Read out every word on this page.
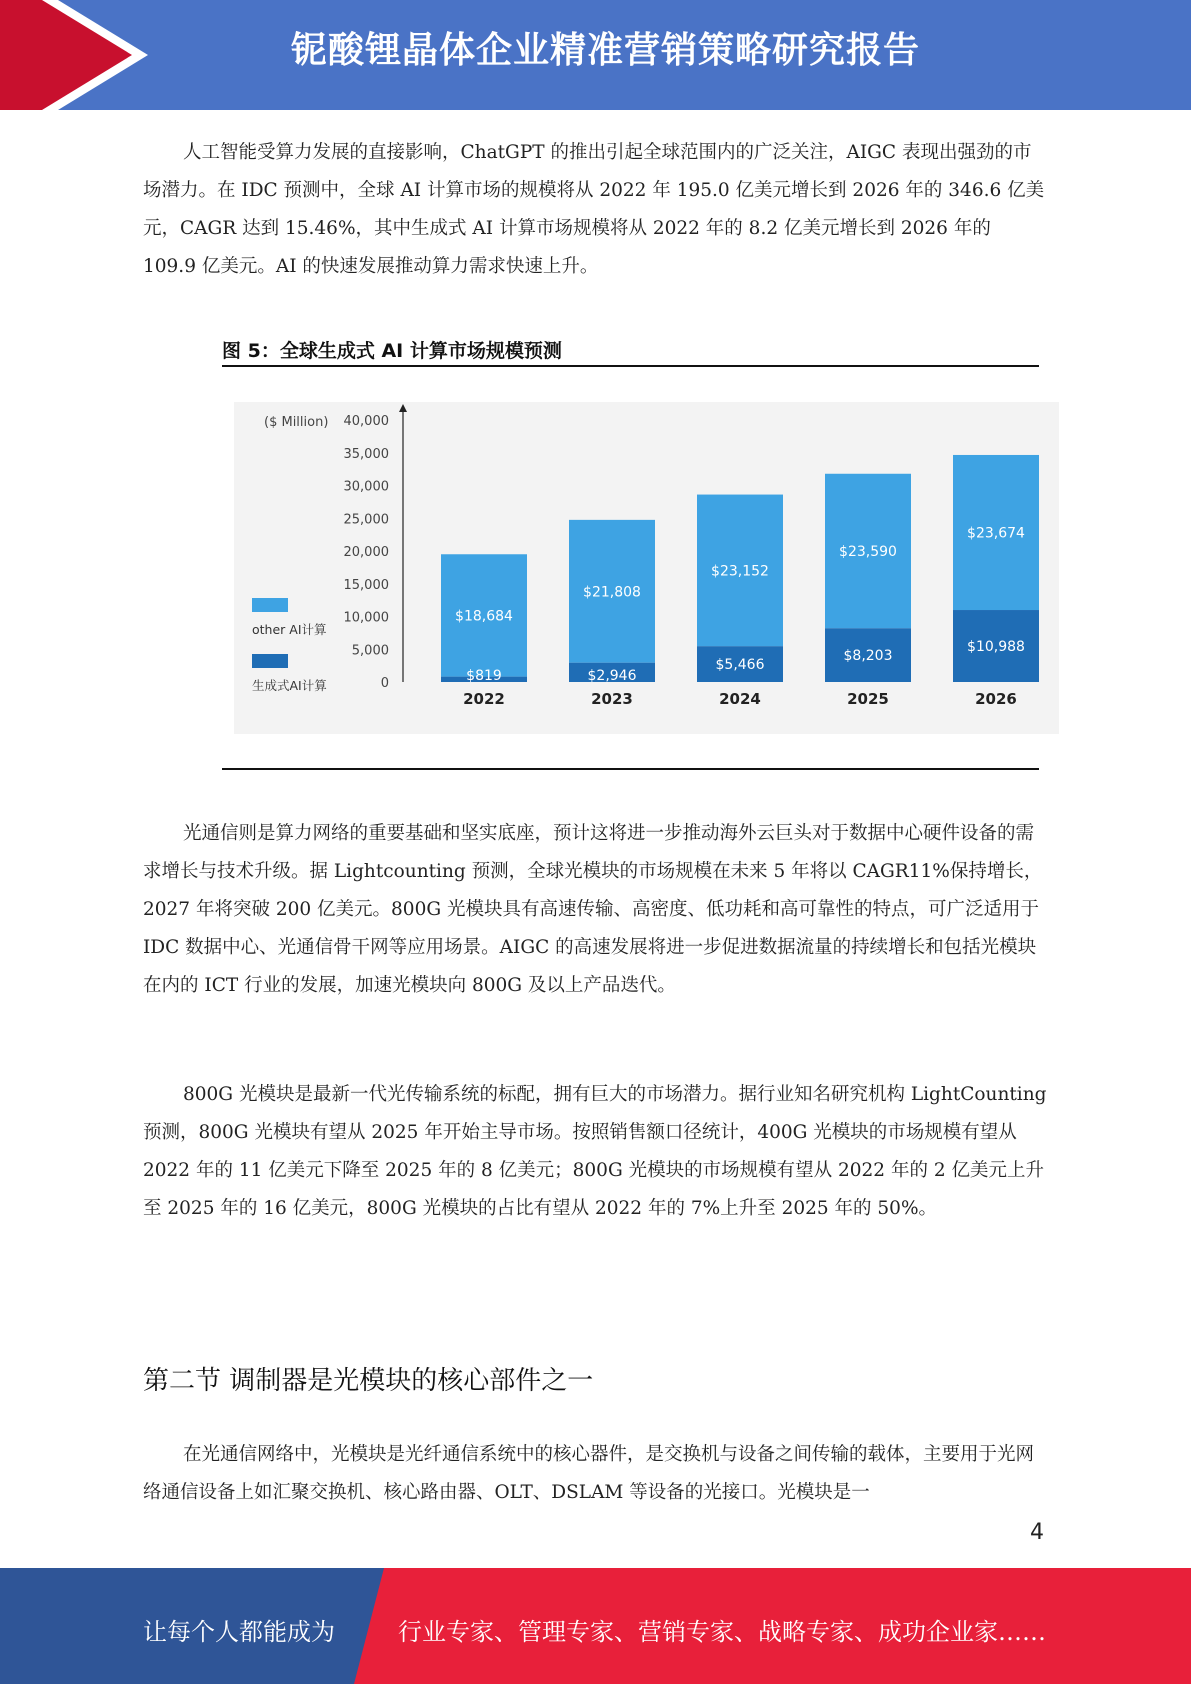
铌酸锂晶体企业精准营销策略研究报告

人工智能受算力发展的直接影响，ChatGPT 的推出引起全球范围内的广泛关注，AIGC 表现出强劲的市场潜力。在 IDC 预测中，全球 AI 计算市场的规模将从 2022 年 195.0 亿美元增长到 2026 年的 346.6 亿美元，CAGR 达到 15.46%，其中生成式 AI 计算市场规模将从 2022 年的 8.2 亿美元增长到 2026 年的 109.9 亿美元。AI 的快速发展推动算力需求快速上升。

图 5：全球生成式 AI 计算市场规模预测
($ Million)
0
5,000
10,000
15,000
20,000
25,000
30,000
35,000
40,000
$18,684
$819
$21,808
$2,946
$23,152
$5,466
$23,590
$8,203
$23,674
$10,988
2022	2023	2024	2025	2026
other AI计算
生成式AI计算

光通信则是算力网络的重要基础和坚实底座，预计这将进一步推动海外云巨头对于数据中心硬件设备的需求增长与技术升级。据 Lightcounting 预测，全球光模块的市场规模在未来 5 年将以 CAGR11%保持增长，2027 年将突破 200 亿美元。800G 光模块具有高速传输、高密度、低功耗和高可靠性的特点，可广泛适用于 IDC 数据中心、光通信骨干网等应用场景。AIGC 的高速发展将进一步促进数据流量的持续增长和包括光模块在内的 ICT 行业的发展，加速光模块向 800G 及以上产品迭代。

800G 光模块是最新一代光传输系统的标配，拥有巨大的市场潜力。据行业知名研究机构 LightCounting 预测，800G 光模块有望从 2025 年开始主导市场。按照销售额口径统计，400G 光模块的市场规模有望从 2022 年的 11 亿美元下降至 2025 年的 8 亿美元；800G 光模块的市场规模有望从 2022 年的 2 亿美元上升至 2025 年的 16 亿美元，800G 光模块的占比有望从 2022 年的 7%上升至 2025 年的 50%。

第二节 调制器是光模块的核心部件之一

在光通信网络中，光模块是光纤通信系统中的核心器件，是交换机与设备之间传输的载体，主要用于光网络通信设备上如汇聚交换机、核心路由器、OLT、DSLAM 等设备的光接口。光模块是一

4
让每个人都能成为	行业专家、管理专家、营销专家、战略专家、成功企业家……
